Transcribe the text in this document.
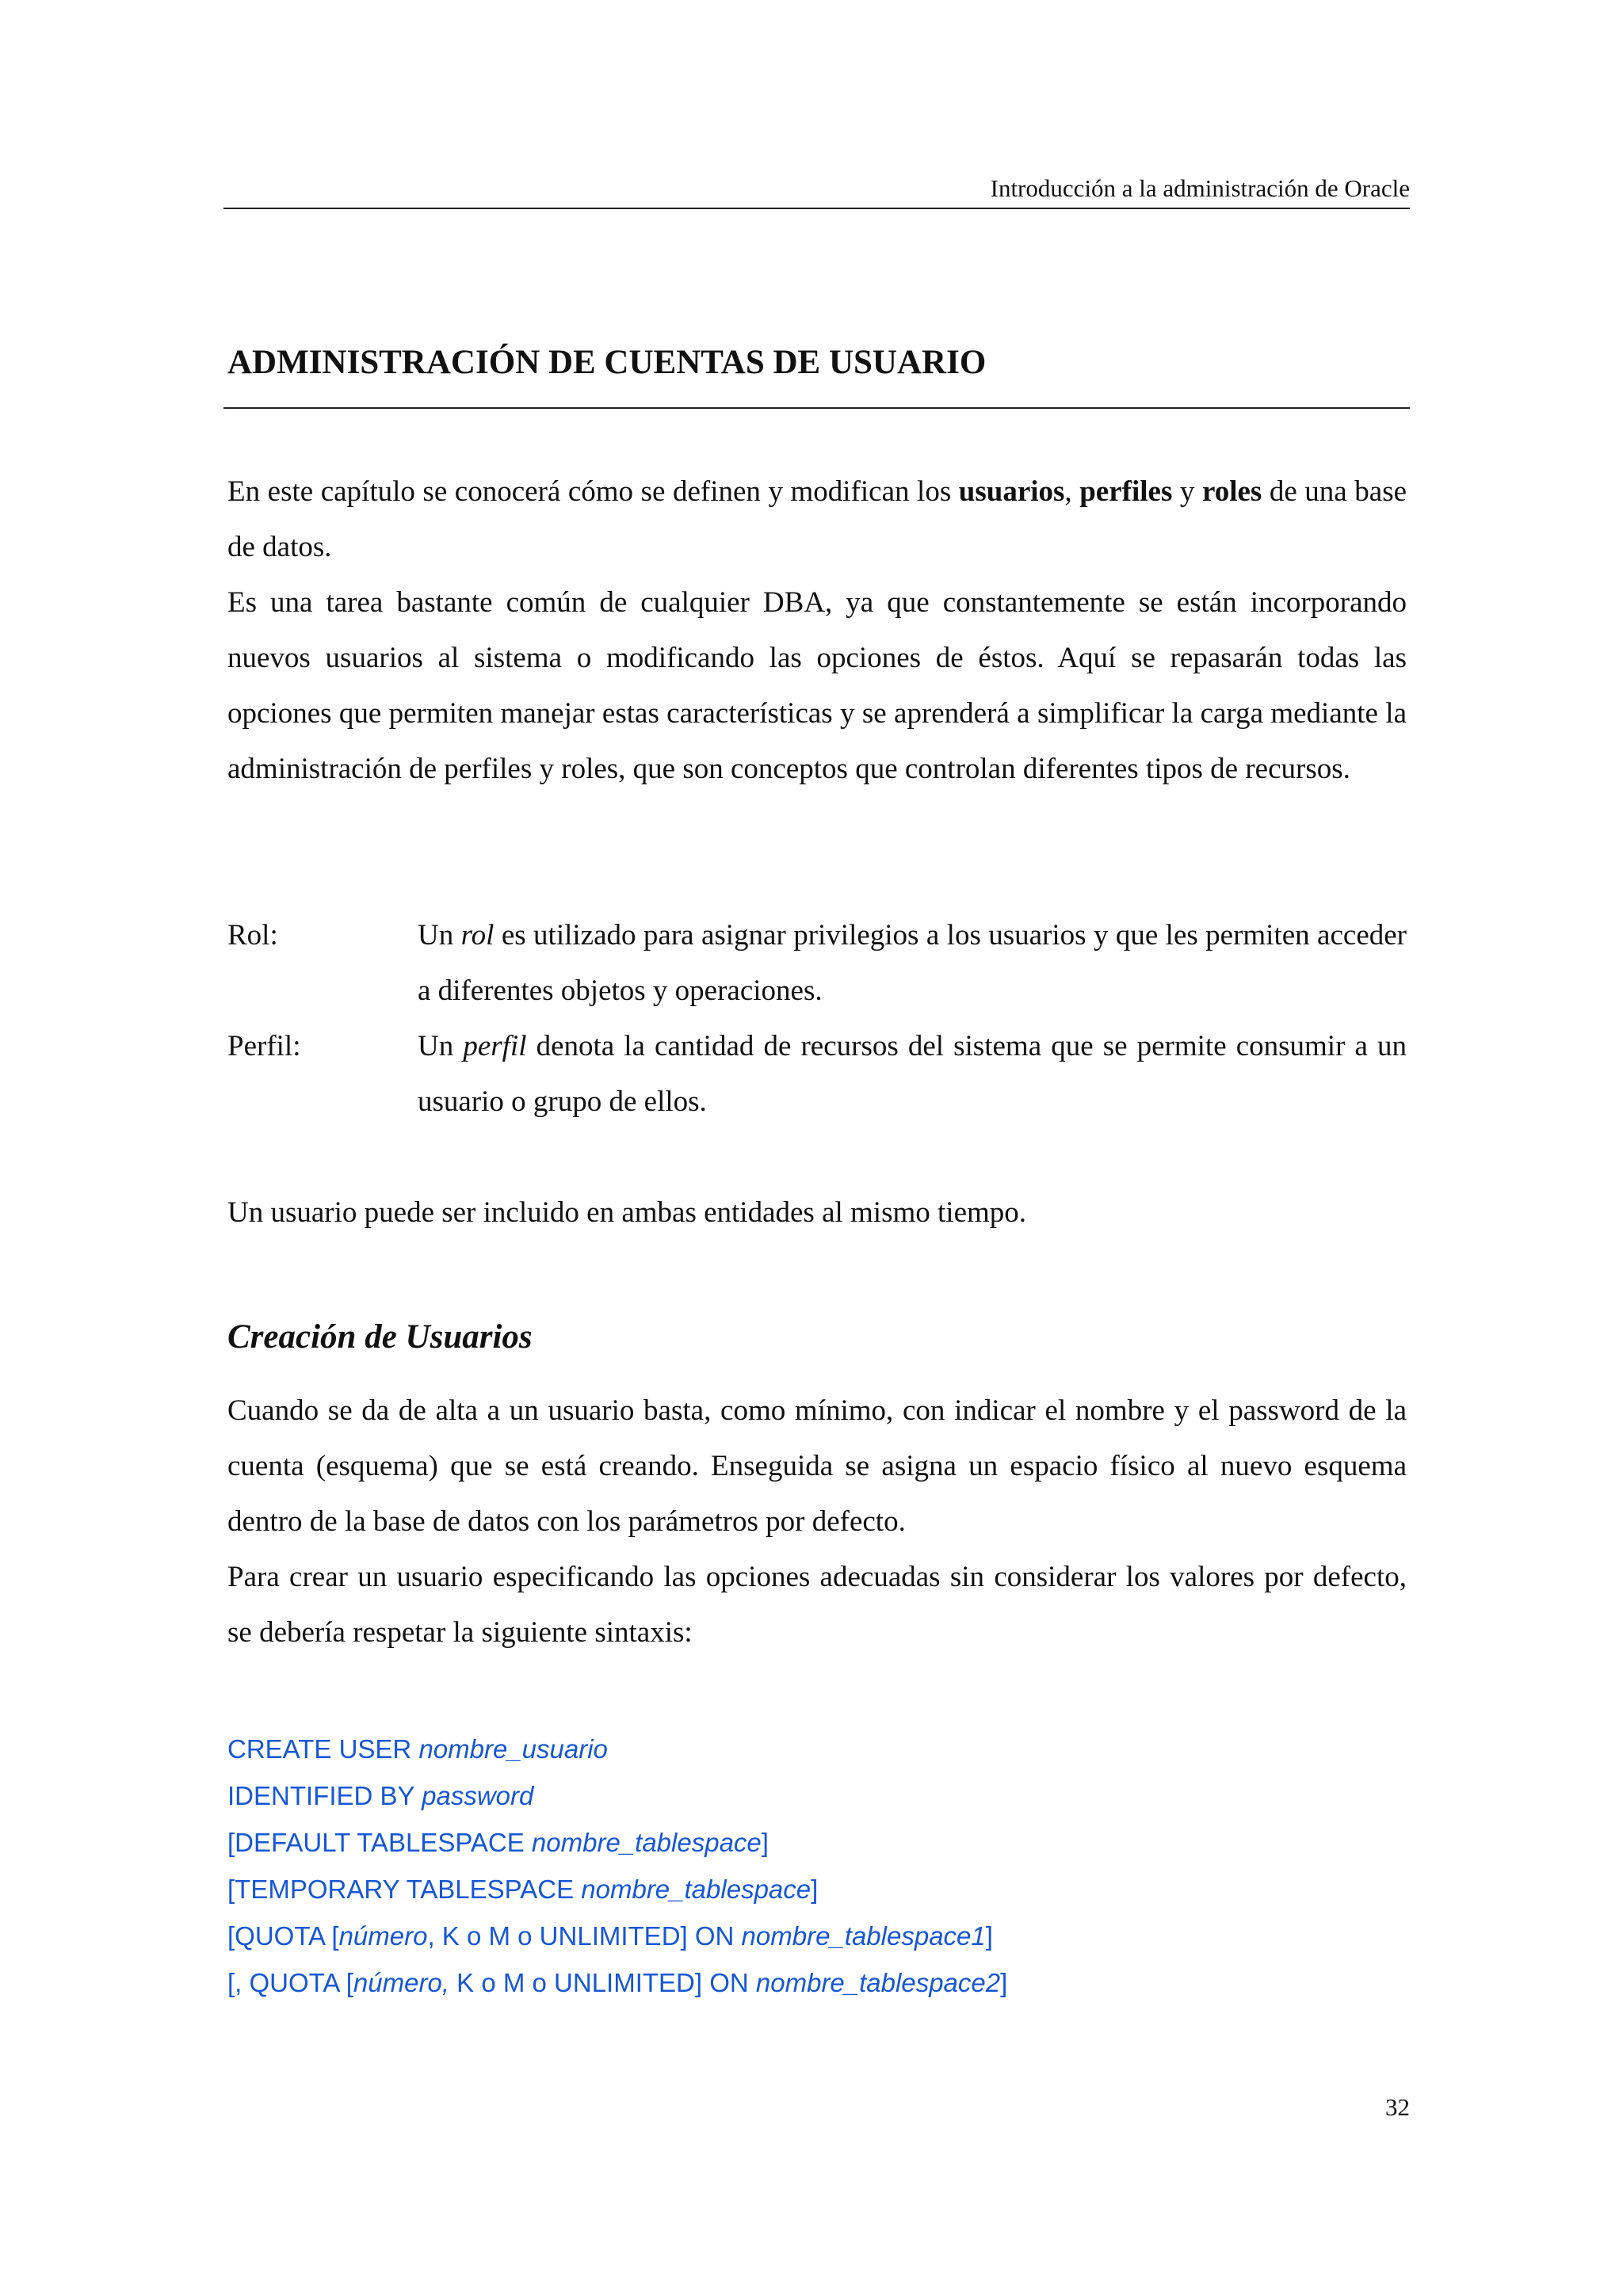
Introducción a la administración de Oracle
ADMINISTRACIÓN DE CUENTAS DE USUARIO

En este capítulo se conocerá cómo se definen y modifican los usuarios, perfiles y roles de una base de datos.

Es una tarea bastante común de cualquier DBA, ya que constantemente se están incorporando nuevos usuarios al sistema o modificando las opciones de éstos. Aquí se repasarán todas las opciones que permiten manejar estas características y se aprenderá a simplificar la carga mediante la administración de perfiles y roles, que son conceptos que controlan diferentes tipos de recursos.

Rol:	Un rol es utilizado para asignar privilegios a los usuarios y que les permiten acceder a diferentes objetos y operaciones.
Perfil:	Un perfil denota la cantidad de recursos del sistema que se permite consumir a un usuario o grupo de ellos.

Un usuario puede ser incluido en ambas entidades al mismo tiempo.

Creación de Usuarios

Cuando se da de alta a un usuario basta, como mínimo, con indicar el nombre y el password de la cuenta (esquema) que se está creando. Enseguida se asigna un espacio físico al nuevo esquema dentro de la base de datos con los parámetros por defecto.

Para crear un usuario especificando las opciones adecuadas sin considerar los valores por defecto, se debería respetar la siguiente sintaxis:

CREATE USER nombre_usuario
IDENTIFIED BY password
[DEFAULT TABLESPACE nombre_tablespace]
[TEMPORARY TABLESPACE nombre_tablespace]
[QUOTA [número, K o M o UNLIMITED] ON nombre_tablespace1]
[, QUOTA [número, K o M o UNLIMITED] ON nombre_tablespace2]
32
